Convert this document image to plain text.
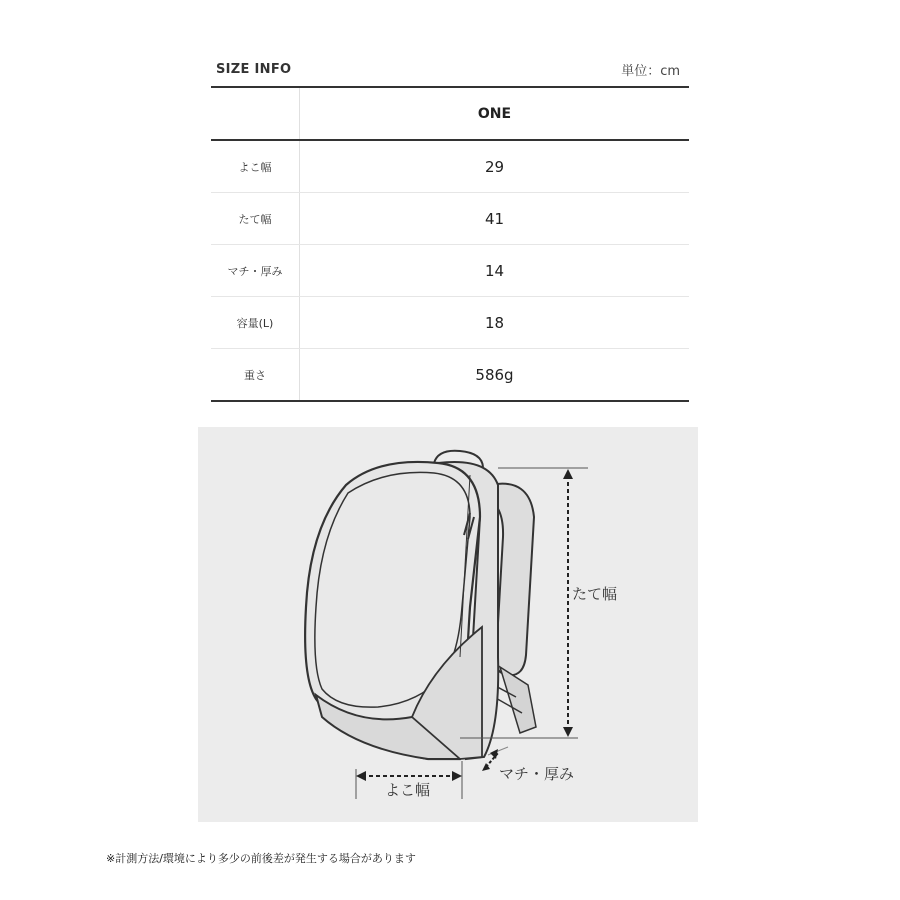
SIZE INFO	単位：cm
	ONE
よこ幅	29
たて幅	41
マチ・厚み	14
容量(L)	18
重さ	586g
たて幅
マチ・厚み
よこ幅
※計測方法/環境により多少の前後差が発生する場合があります
